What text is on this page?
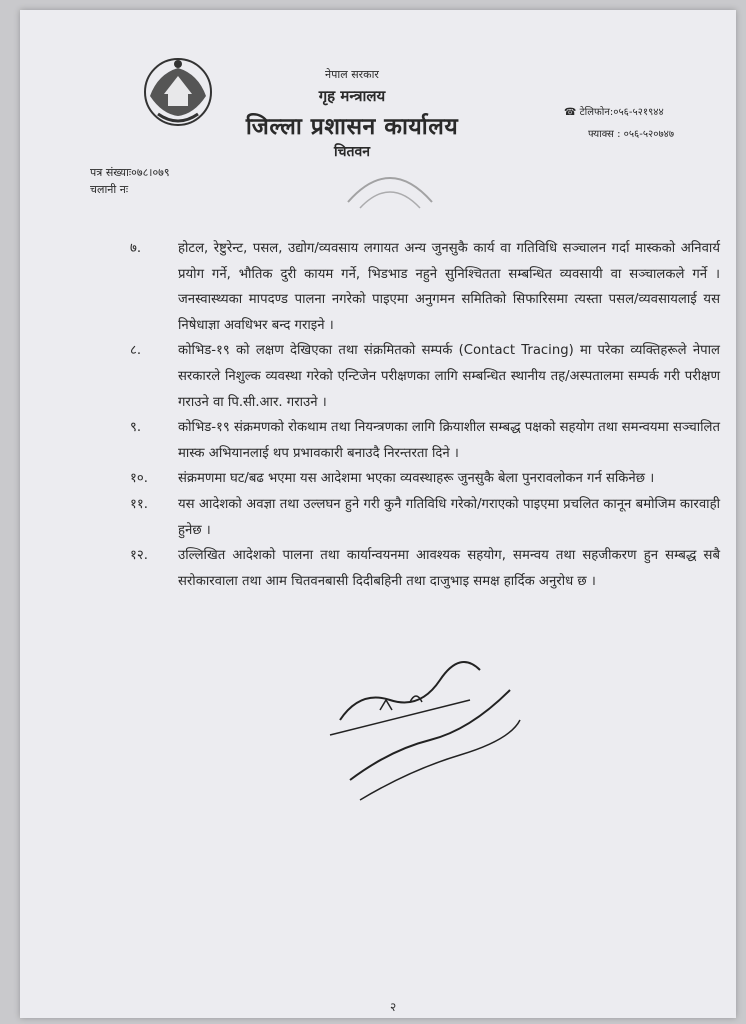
नेपाल सरकार
गृह मन्त्रालय
जिल्ला प्रशासन कार्यालय
चितवन
☎ टेलिफोन:०५६-५२१९४४
फ्याक्स : ०५६-५२०७४७
पत्र संख्याः०७८।०७९
चलानी नः
७.	होटल, रेष्टुरेन्ट, पसल, उद्योग/व्यवसाय लगायत अन्य जुनसुकै कार्य वा गतिविधि सञ्चालन गर्दा मास्कको अनिवार्य प्रयोग गर्ने, भौतिक दुरी कायम गर्ने, भिडभाड नहुने सुनिश्चितता सम्बन्धित व्यवसायी वा सञ्चालकले गर्ने । जनस्वास्थ्यका मापदण्ड पालना नगरेको पाइएमा अनुगमन समितिको सिफारिसमा त्यस्ता पसल/व्यवसायलाई यस निषेधाज्ञा अवधिभर बन्द गराइने ।
८.	कोभिड-१९ को लक्षण देखिएका तथा संक्रमितको सम्पर्क (Contact Tracing) मा परेका व्यक्तिहरूले नेपाल सरकारले निशुल्क व्यवस्था गरेको एन्टिजेन परीक्षणका लागि सम्बन्धित स्थानीय तह/अस्पतालमा सम्पर्क गरी परीक्षण गराउने वा पि.सी.आर. गराउने ।
९.	कोभिड-१९ संक्रमणको रोकथाम तथा नियन्त्रणका लागि क्रियाशील सम्बद्ध पक्षको सहयोग तथा समन्वयमा सञ्चालित मास्क अभियानलाई थप प्रभावकारी बनाउदै निरन्तरता दिने ।
१०. संक्रमणमा घट/बढ भएमा यस आदेशमा भएका व्यवस्थाहरू जुनसुकै बेला पुनरावलोकन गर्न सकिनेछ ।
११. यस आदेशको अवज्ञा तथा उल्लघन हुने गरी कुनै गतिविधि गरेको/गराएको पाइएमा प्रचलित कानून बमोजिम कारवाही हुनेछ ।
१२. उल्लिखित आदेशको पालना तथा कार्यान्वयनमा आवश्यक सहयोग, समन्वय तथा सहजीकरण हुन सम्बद्ध सबै सरोकारवाला तथा आम चितवनबासी दिदीबहिनी तथा दाजुभाइ समक्ष हार्दिक अनुरोध छ ।
२
